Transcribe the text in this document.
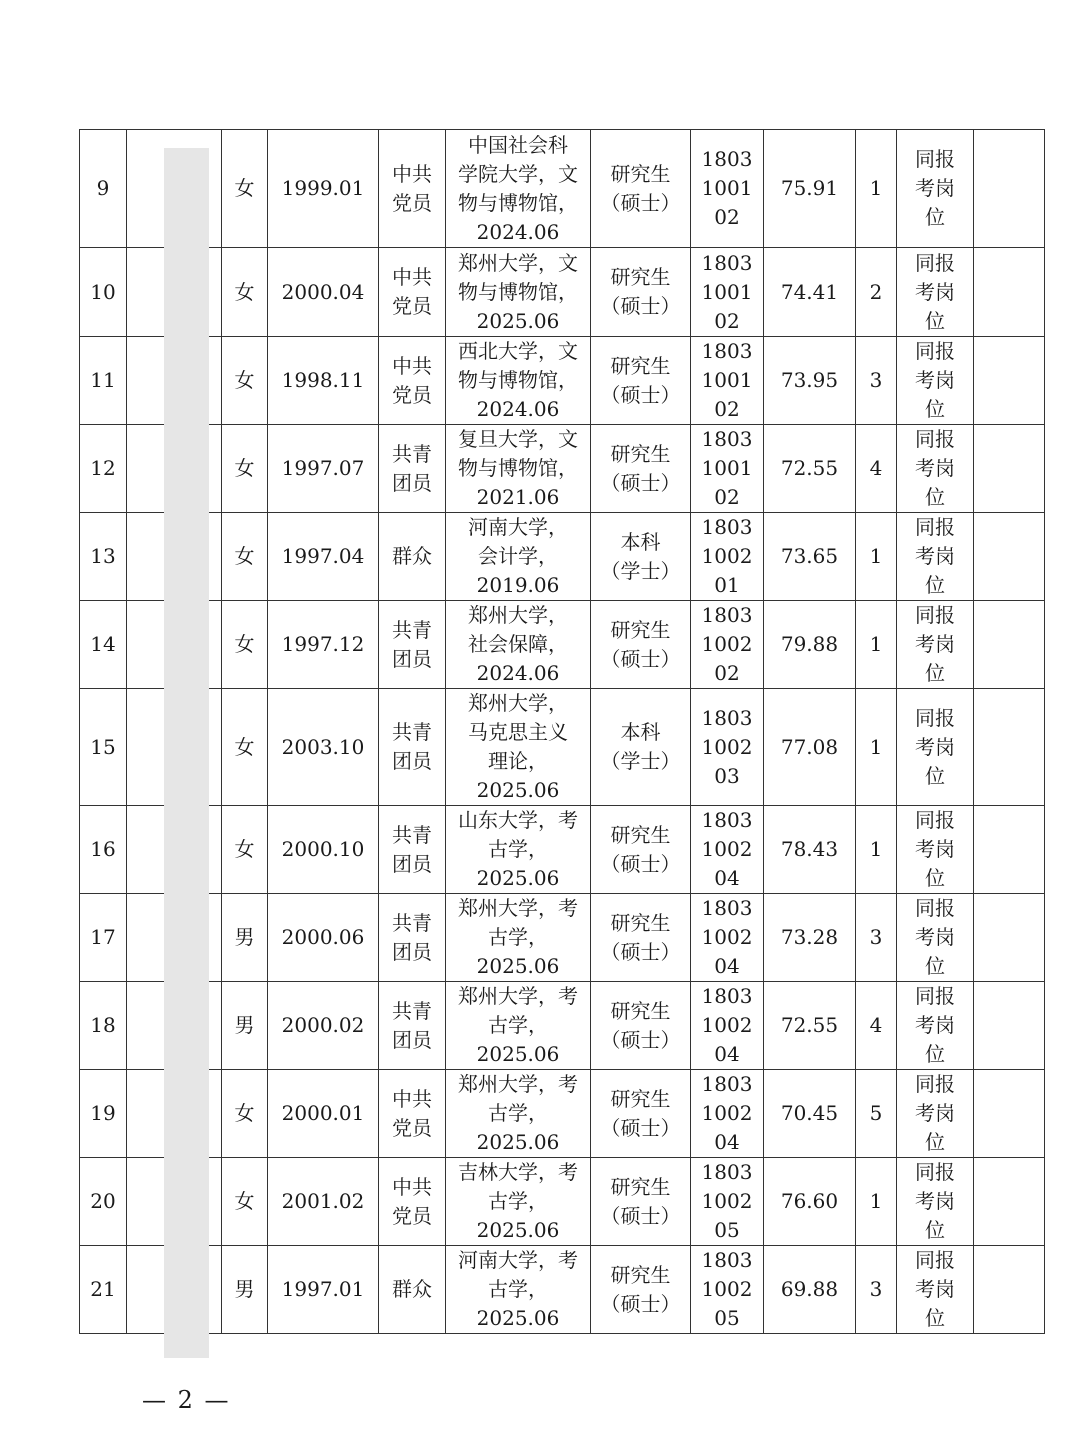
9		女	1999.01	中共
党员	中国社会科
学院大学，文
物与博物馆，
2024.06	研究生
（硕士）	1803
1001
02	75.91	1	同报
考岗
位	
10		女	2000.04	中共
党员	郑州大学，文
物与博物馆，
2025.06	研究生
（硕士）	1803
1001
02	74.41	2	同报
考岗
位	
11		女	1998.11	中共
党员	西北大学，文
物与博物馆，
2024.06	研究生
（硕士）	1803
1001
02	73.95	3	同报
考岗
位	
12		女	1997.07	共青
团员	复旦大学，文
物与博物馆，
2021.06	研究生
（硕士）	1803
1001
02	72.55	4	同报
考岗
位	
13		女	1997.04	群众	河南大学，
会计学，
2019.06	本科
（学士）	1803
1002
01	73.65	1	同报
考岗
位	
14		女	1997.12	共青
团员	郑州大学，
社会保障，
2024.06	研究生
（硕士）	1803
1002
02	79.88	1	同报
考岗
位	
15		女	2003.10	共青
团员	郑州大学，
马克思主义
理论，
2025.06	本科
（学士）	1803
1002
03	77.08	1	同报
考岗
位	
16		女	2000.10	共青
团员	山东大学，考
古学，
2025.06	研究生
（硕士）	1803
1002
04	78.43	1	同报
考岗
位	
17		男	2000.06	共青
团员	郑州大学，考
古学，
2025.06	研究生
（硕士）	1803
1002
04	73.28	3	同报
考岗
位	
18		男	2000.02	共青
团员	郑州大学，考
古学，
2025.06	研究生
（硕士）	1803
1002
04	72.55	4	同报
考岗
位	
19		女	2000.01	中共
党员	郑州大学，考
古学，
2025.06	研究生
（硕士）	1803
1002
04	70.45	5	同报
考岗
位	
20		女	2001.02	中共
党员	吉林大学，考
古学，
2025.06	研究生
（硕士）	1803
1002
05	76.60	1	同报
考岗
位	
21		男	1997.01	群众	河南大学，考
古学，
2025.06	研究生
（硕士）	1803
1002
05	69.88	3	同报
考岗
位	
— 2 —
